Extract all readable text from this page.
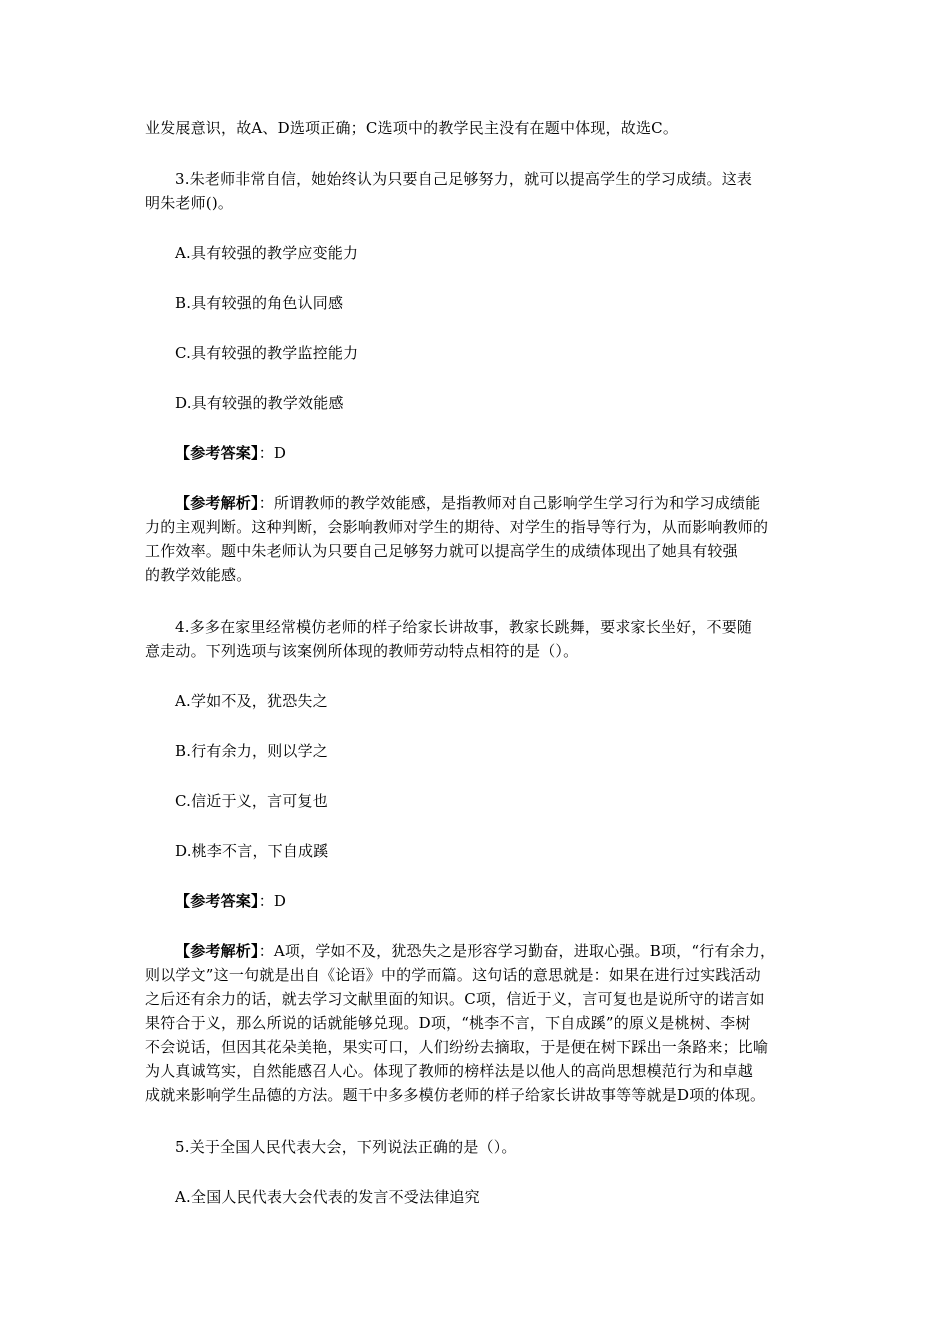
业发展意识，故A、D选项正确；C选项中的教学民主没有在题中体现，故选C。
3.朱老师非常自信，她始终认为只要自己足够努力，就可以提高学生的学习成绩。这表
明朱老师()。
A.具有较强的教学应变能力
B.具有较强的角色认同感
C.具有较强的教学监控能力
D.具有较强的教学效能感
【参考答案】：D
【参考解析】：所谓教师的教学效能感，是指教师对自己影响学生学习行为和学习成绩能
力的主观判断。这种判断，会影响教师对学生的期待、对学生的指导等行为，从而影响教师的
工作效率。题中朱老师认为只要自己足够努力就可以提高学生的成绩体现出了她具有较强
的教学效能感。
4.多多在家里经常模仿老师的样子给家长讲故事，教家长跳舞，要求家长坐好，不要随
意走动。下列选项与该案例所体现的教师劳动特点相符的是（）。
A.学如不及，犹恐失之
B.行有余力，则以学之
C.信近于义，言可复也
D.桃李不言，下自成蹊
【参考答案】：D
【参考解析】：A项，学如不及，犹恐失之是形容学习勤奋，进取心强。B项，“行有余力，
则以学文”这一句就是出自《论语》中的学而篇。这句话的意思就是：如果在进行过实践活动
之后还有余力的话，就去学习文献里面的知识。C项，信近于义，言可复也是说所守的诺言如
果符合于义，那么所说的话就能够兑现。D项，“桃李不言，下自成蹊”的原义是桃树、李树
不会说话，但因其花朵美艳，果实可口，人们纷纷去摘取，于是便在树下踩出一条路来；比喻
为人真诚笃实，自然能感召人心。体现了教师的榜样法是以他人的高尚思想模范行为和卓越
成就来影响学生品德的方法。题干中多多模仿老师的样子给家长讲故事等等就是D项的体现。
5.关于全国人民代表大会，下列说法正确的是（）。
A.全国人民代表大会代表的发言不受法律追究
